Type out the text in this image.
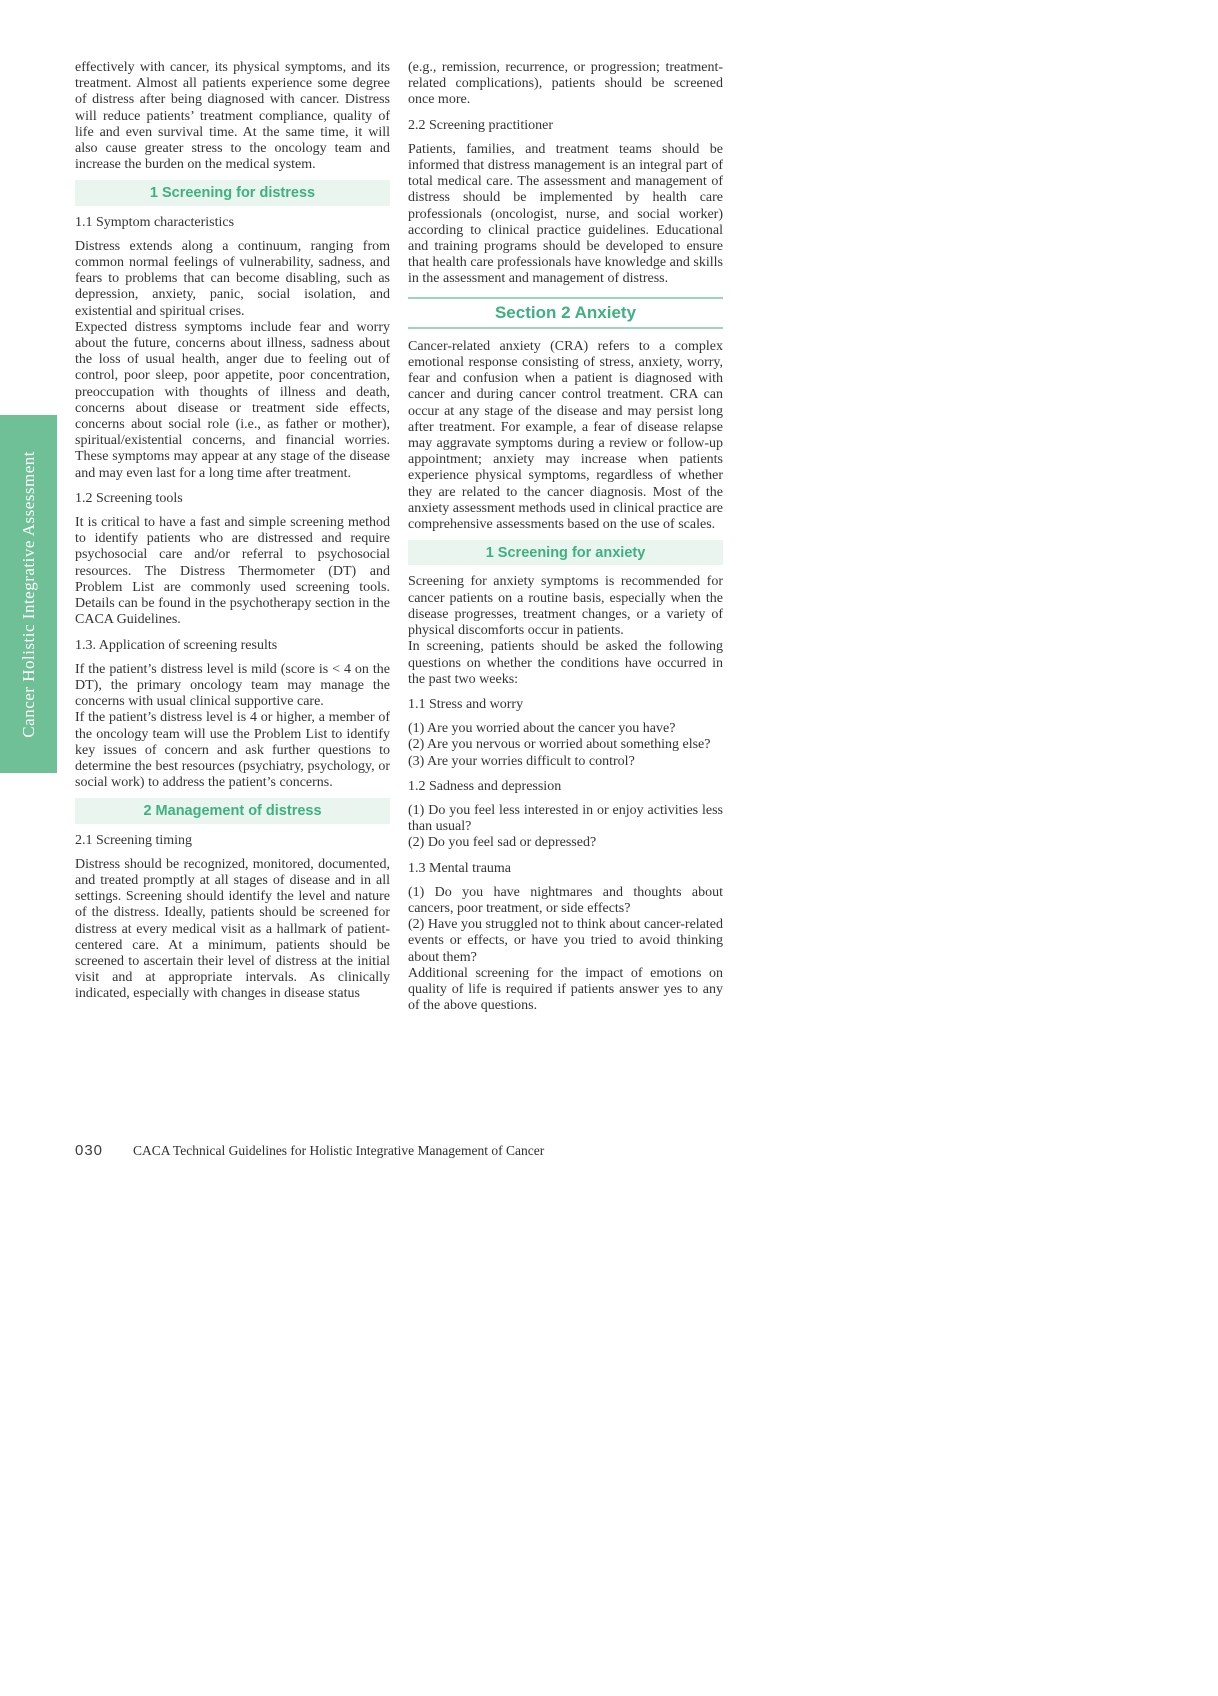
Cancer Holistic Integrative Assessment
effectively with cancer, its physical symptoms, and its treatment. Almost all patients experience some degree of distress after being diagnosed with cancer. Distress will reduce patients’ treatment compliance, quality of life and even survival time. At the same time, it will also cause greater stress to the oncology team and increase the burden on the medical system.
1 Screening for distress
1.1 Symptom characteristics
Distress extends along a continuum, ranging from common normal feelings of vulnerability, sadness, and fears to problems that can become disabling, such as depression, anxiety, panic, social isolation, and existential and spiritual crises.
Expected distress symptoms include fear and worry about the future, concerns about illness, sadness about the loss of usual health, anger due to feeling out of control, poor sleep, poor appetite, poor concentration, preoccupation with thoughts of illness and death, concerns about disease or treatment side effects, concerns about social role (i.e., as father or mother), spiritual/existential concerns, and financial worries. These symptoms may appear at any stage of the disease and may even last for a long time after treatment.
1.2 Screening tools
It is critical to have a fast and simple screening method to identify patients who are distressed and require psychosocial care and/or referral to psychosocial resources. The Distress Thermometer (DT) and Problem List are commonly used screening tools. Details can be found in the psychotherapy section in the CACA Guidelines.
1.3. Application of screening results
If the patient’s distress level is mild (score is < 4 on the DT), the primary oncology team may manage the concerns with usual clinical supportive care.
If the patient’s distress level is 4 or higher, a member of the oncology team will use the Problem List to identify key issues of concern and ask further questions to determine the best resources (psychiatry, psychology, or social work) to address the patient’s concerns.
2 Management of distress
2.1 Screening timing
Distress should be recognized, monitored, documented, and treated promptly at all stages of disease and in all settings. Screening should identify the level and nature of the distress. Ideally, patients should be screened for distress at every medical visit as a hallmark of patient-centered care. At a minimum, patients should be screened to ascertain their level of distress at the initial visit and at appropriate intervals. As clinically indicated, especially with changes in disease status
(e.g., remission, recurrence, or progression; treatment-related complications), patients should be screened once more.
2.2 Screening practitioner
Patients, families, and treatment teams should be informed that distress management is an integral part of total medical care. The assessment and management of distress should be implemented by health care professionals (oncologist, nurse, and social worker) according to clinical practice guidelines. Educational and training programs should be developed to ensure that health care professionals have knowledge and skills in the assessment and management of distress.
Section 2 Anxiety
Cancer-related anxiety (CRA) refers to a complex emotional response consisting of stress, anxiety, worry, fear and confusion when a patient is diagnosed with cancer and during cancer control treatment. CRA can occur at any stage of the disease and may persist long after treatment. For example, a fear of disease relapse may aggravate symptoms during a review or follow-up appointment; anxiety may increase when patients experience physical symptoms, regardless of whether they are related to the cancer diagnosis. Most of the anxiety assessment methods used in clinical practice are comprehensive assessments based on the use of scales.
1 Screening for anxiety
Screening for anxiety symptoms is recommended for cancer patients on a routine basis, especially when the disease progresses, treatment changes, or a variety of physical discomforts occur in patients.
In screening, patients should be asked the following questions on whether the conditions have occurred in the past two weeks:
1.1 Stress and worry
(1) Are you worried about the cancer you have?
(2) Are you nervous or worried about something else?
(3) Are your worries difficult to control?
1.2 Sadness and depression
(1) Do you feel less interested in or enjoy activities less than usual?
(2) Do you feel sad or depressed?
1.3 Mental trauma
(1) Do you have nightmares and thoughts about cancers, poor treatment, or side effects?
(2) Have you struggled not to think about cancer-related events or effects, or have you tried to avoid thinking about them?
Additional screening for the impact of emotions on quality of life is required if patients answer yes to any of the above questions.
030 CACA Technical Guidelines for Holistic Integrative Management of Cancer
